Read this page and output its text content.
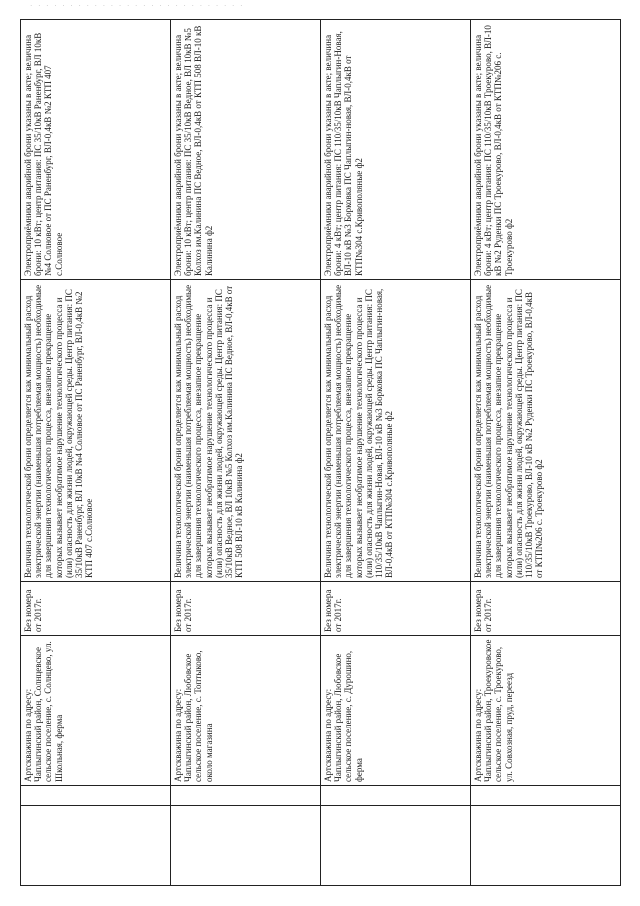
· · · · · · · · · · · · · · · · · · · · · · · · · · ·
		Артскважина по адресу: Чаплыгинский район, Солнцевское сельское поселение, с. Солнцево, ул. Школьная, ферма	Без номера от 2017г.	Величина технологической брони определяется как минимальный расход электрической энергии (наименьшая потребляемая мощность) необходимые для завершения технологического процесса, внезапное прекращение которых вызывает необратимое нарушение технологического процесса и (или) опасность для жизни людей, окружающей среды. Центр питания: ПС 35/10кВ Раненбург, ВЛ 10кВ №4 Солновое от ПС Раненбург, ВЛ-0,4кВ №2 КТП 407 с.Солновое	Электроприёмники аварийной брони указаны в акте; величина брони: 10 кВт; центр питания: ПС 35/10кВ Раненбург, ВЛ 10кВ №4 Солновое от ПС Раненбург, ВЛ-0,4кВ №2 КТП 407 с.Солновое
		Артскважина по адресу: Чаплыгинский район, Любовское сельское поселение, с. Топтыково, около магазина	Без номера от 2017г.	Величина технологической брони определяется как минимальный расход электрической энергии (наименьшая потребляемая мощность) необходимые для завершения технологического процесса, внезапное прекращение которых вызывает необратимое нарушение технологического процесса и (или) опасность для жизни людей, окружающей среды. Центр питания: ПС 35/10кВ Ведное, ВЛ 10кВ №5 Колхоз им.Калинина ПС Ведное, ВЛ-0,4кВ от КТП 508 ВЛ-10 кВ Калинина ф2	Электроприёмники аварийной брони указаны в акте; величина брони: 10 кВт; центр питания: ПС 35/10кВ Ведное, ВЛ 10кВ №5 Колхоз им.Калинина ПС Ведное, ВЛ-0,4кВ от КТП 508 ВЛ-10 кВ Калинина ф2
		Артскважина по адресу: Чаплыгинский район, Любовское сельское поселение, с. Дурошино, ферма	Без номера от 2017г.	Величина технологической брони определяется как минимальный расход электрической энергии (наименьшая потребляемая мощность) необходимые для завершения технологического процесса, внезапное прекращение которых вызывает необратимое нарушение технологического процесса и (или) опасность для жизни людей, окружающей среды. Центр питания: ПС 110/35/10кВ Чаплыгин-Новая, ВЛ-10 кВ №3 Борковка ПС Чаплыгин-новая, ВЛ-0,4кВ от КТП№304 с.Кривополяные ф2	Электроприёмники аварийной брони указаны в акте; величина брони: 4 кВт; центр питания: ПС 110/35/10кВ Чаплыгин-Новая, ВЛ-10 кВ №3 Борковка ПС Чаплыгин-новая, ВЛ-0,4кВ от КТП№304 с.Кривополяные ф2
		Артскважина по адресу: Чаплыгинский район, Троекуровское сельское поселение, с. Троекурово, ул. Совхозная, пруд, переезд	Без номера от 2017г.	Величина технологической брони определяется как минимальный расход электрической энергии (наименьшая потребляемая мощность) необходимые для завершения технологического процесса, внезапное прекращение которых вызывает необратимое нарушение технологического процесса и (или) опасность для жизни людей, окружающей среды. Центр питания: ПС 110/35/10кВ Троекурово, ВЛ-10 кВ №2 Руденки ПС Троекурово, ВЛ-0,4кВ от КТП№206 с. Троекурово ф2	Электроприёмники аварийной брони указаны в акте; величина брони: 4 кВт; центр питания: ПС 110/35/10кВ Троекурово, ВЛ-10 кВ №2 Руденки ПС Троекурово, ВЛ-0,4кВ от КТП№206 с. Троекурово ф2
